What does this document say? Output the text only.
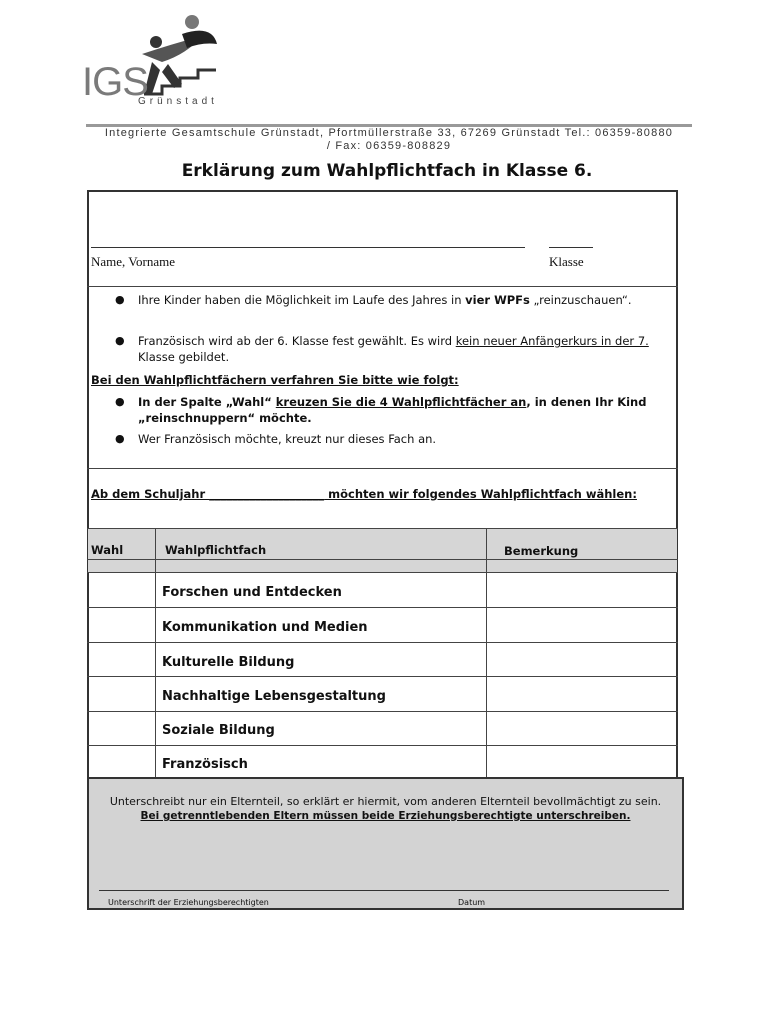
IGS
Grünstadt
Integrierte Gesamtschule Grünstadt, Pfortmüllerstraße 33, 67269 Grünstadt Tel.: 06359-80880
/ Fax: 06359-808829
Erklärung zum Wahlpflichtfach in Klasse 6.
Name, Vorname	Klasse
● Ihre Kinder haben die Möglichkeit im Laufe des Jahres in vier WPFs „reinzuschauen“.
● Französisch wird ab der 6. Klasse fest gewählt. Es wird kein neuer Anfängerkurs in der 7.
Klasse gebildet.
Bei den Wahlpflichtfächern verfahren Sie bitte wie folgt:
● In der Spalte „Wahl“ kreuzen Sie die 4 Wahlpflichtfächer an, in denen Ihr Kind
„reinschnuppern“ möchte.
● Wer Französisch möchte, kreuzt nur dieses Fach an.
Ab dem Schuljahr ____________________ möchten wir folgendes Wahlpflichtfach wählen:
Wahl	Wahlpflichtfach	Bemerkung
Forschen und Entdecken
Kommunikation und Medien
Kulturelle Bildung
Nachhaltige Lebensgestaltung
Soziale Bildung
Französisch
Unterschreibt nur ein Elternteil, so erklärt er hiermit, vom anderen Elternteil bevollmächtigt zu sein.
Bei getrenntlebenden Eltern müssen beide Erziehungsberechtigte unterschreiben.
Unterschrift der Erziehungsberechtigten	Datum
